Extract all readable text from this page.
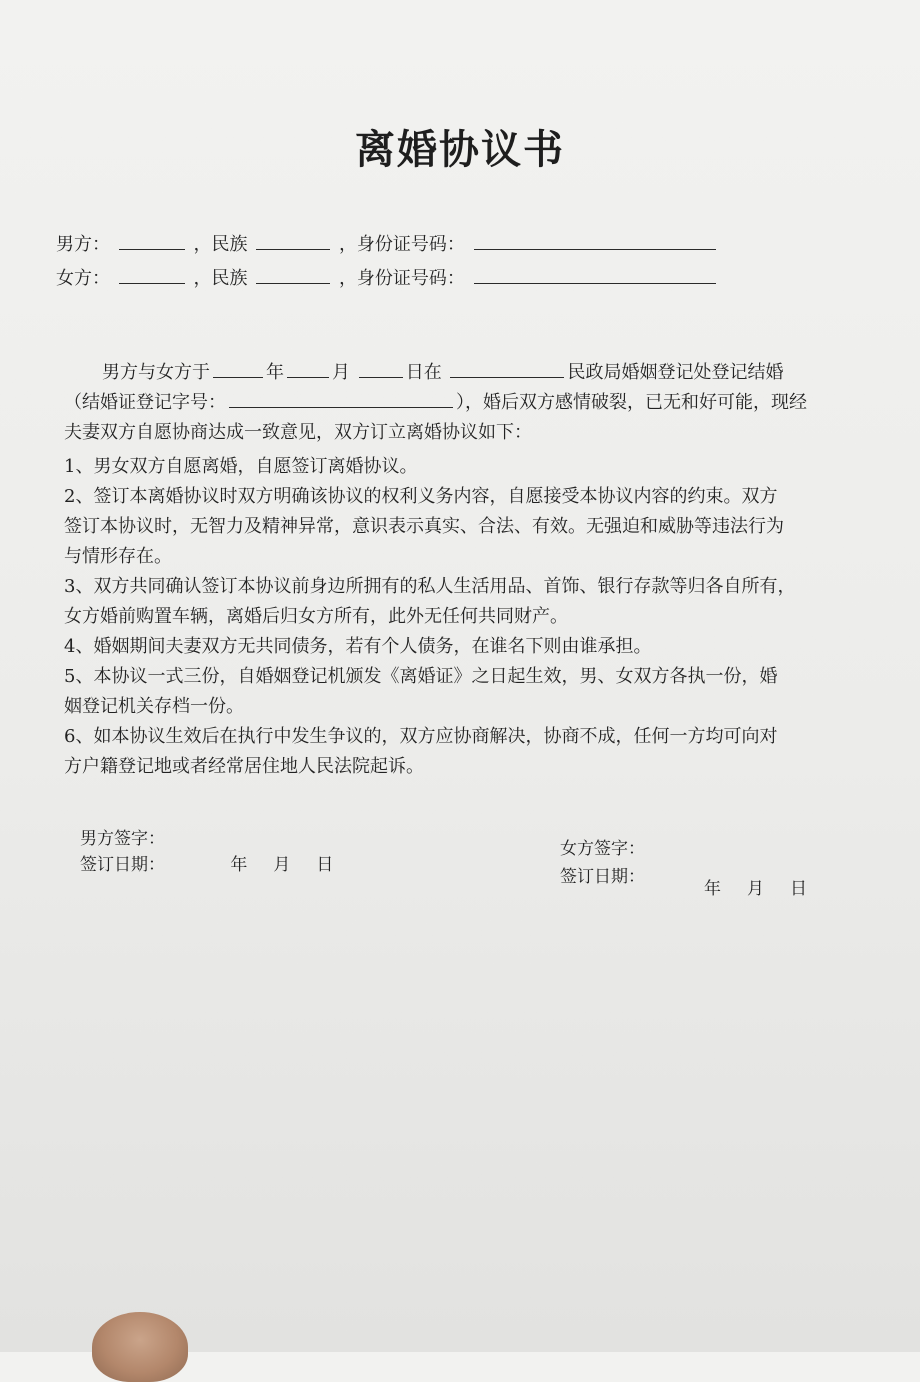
离婚协议书
男方：	，民族	，身份证号码：
女方：	，民族	，身份证号码：
男方与女方于	年	月	日在	民政局婚姻登记处登记结婚
（结婚证登记字号：	），婚后双方感情破裂，已无和好可能，现经
夫妻双方自愿协商达成一致意见，双方订立离婚协议如下：
1、男女双方自愿离婚，自愿签订离婚协议。
2、签订本离婚协议时双方明确该协议的权利义务内容，自愿接受本协议内容的约束。双方
签订本协议时，无智力及精神异常，意识表示真实、合法、有效。无强迫和威胁等违法行为
与情形存在。
3、双方共同确认签订本协议前身边所拥有的私人生活用品、首饰、银行存款等归各自所有，
女方婚前购置车辆，离婚后归女方所有，此外无任何共同财产。
4、婚姻期间夫妻双方无共同债务，若有个人债务，在谁名下则由谁承担。
5、本协议一式三份，自婚姻登记机颁发《离婚证》之日起生效，男、女双方各执一份，婚
姻登记机关存档一份。
6、如本协议生效后在执行中发生争议的，双方应协商解决，协商不成，任何一方均可向对
方户籍登记地或者经常居住地人民法院起诉。
男方签字：
签订日期：	年 月 日
女方签字：
签订日期：
年 月 日
